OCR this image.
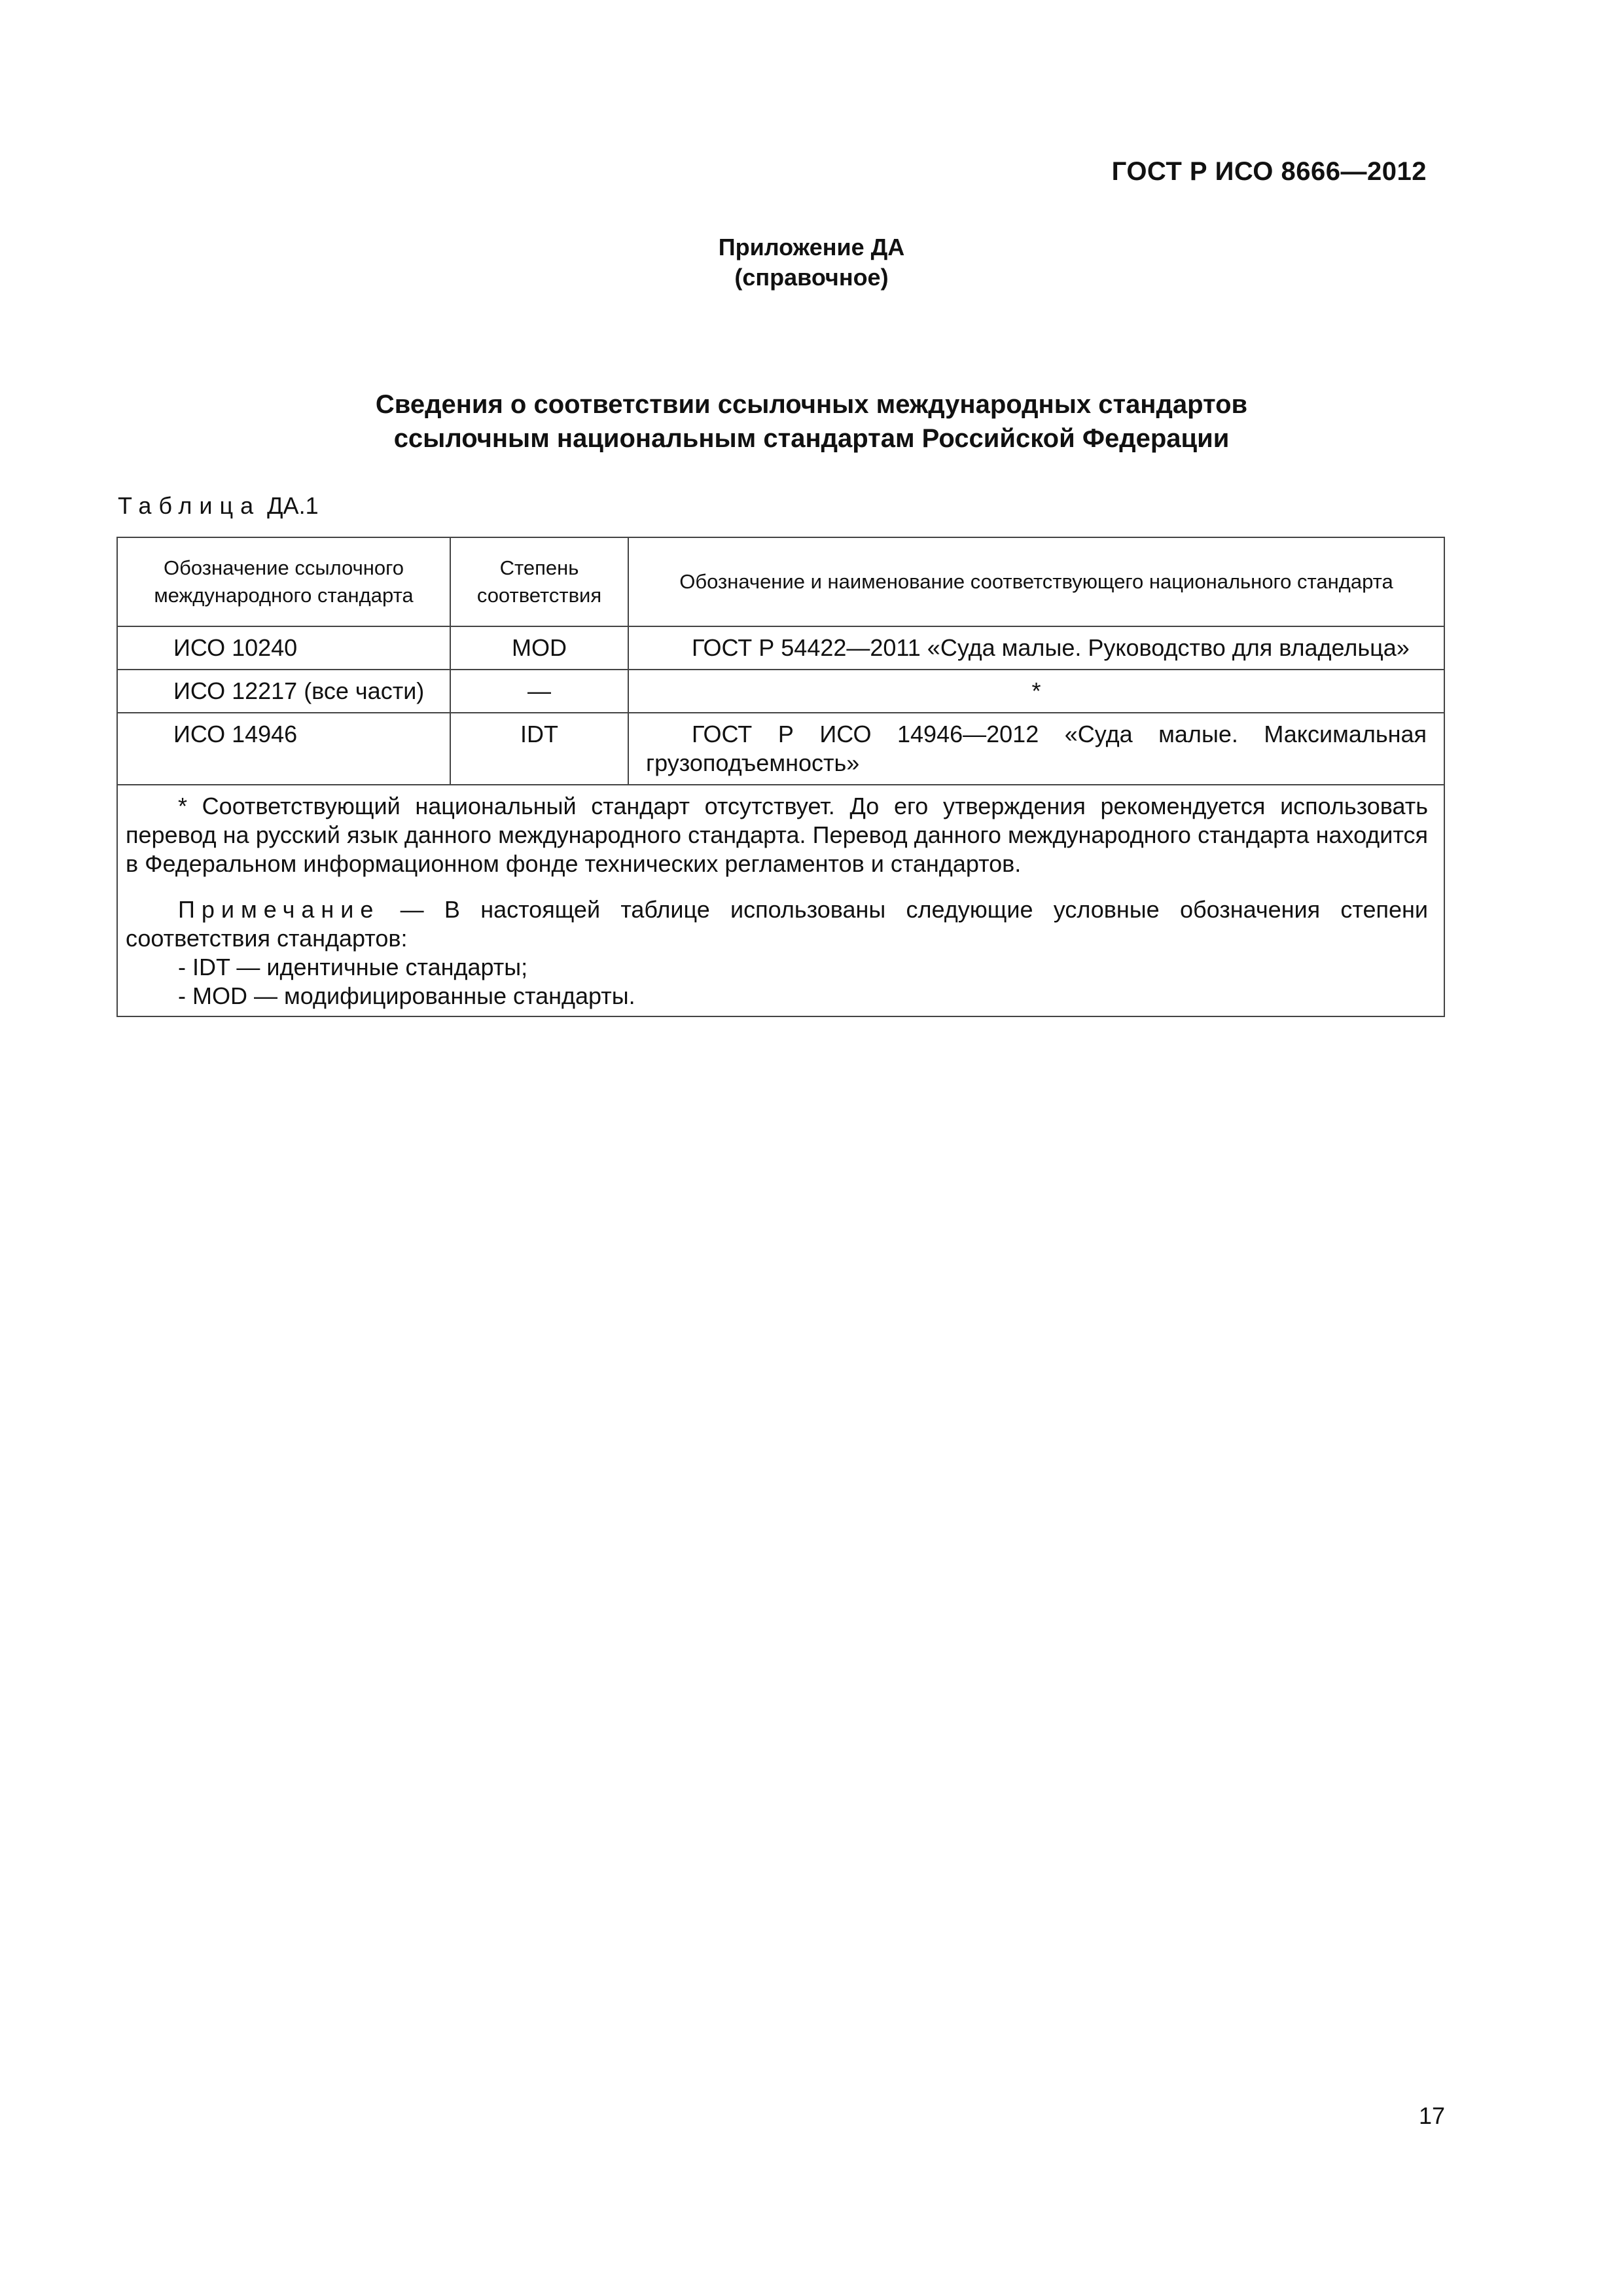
ГОСТ Р ИСО 8666—2012
Приложение ДА
(справочное)
Сведения о соответствии ссылочных международных стандартов
ссылочным национальным стандартам Российской Федерации
Таблица ДА.1
Обозначение ссылочного международного стандарта	Степень соответствия	Обозначение и наименование соответствующего национального стандарта
ИСО 10240	MOD	ГОСТ Р 54422—2011 «Суда малые. Руководство для владельца»
ИСО 12217 (все части)	—	*
ИСО 14946	IDT	ГОСТ Р ИСО 14946—2012 «Суда малые. Максимальная грузоподъемность»

* Соответствующий национальный стандарт отсутствует. До его утверждения рекомендуется использовать перевод на русский язык данного международного стандарта. Перевод данного международного стандарта находится в Федеральном информационном фонде технических регламентов и стандартов.

Примечание — В настоящей таблице использованы следующие условные обозначения степени соответствия стандартов:

- IDT — идентичные стандарты;

- MOD — модифицированные стандарты.		

17
